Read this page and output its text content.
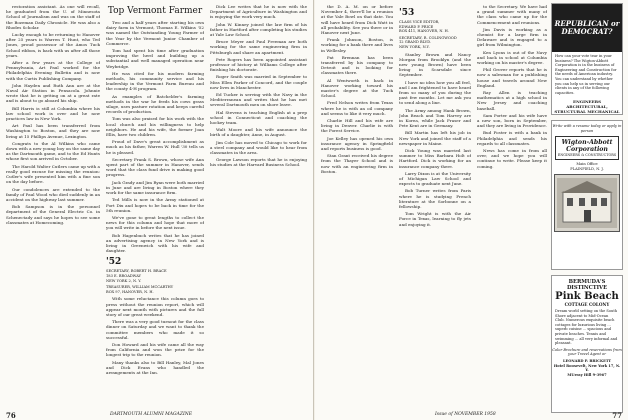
restoration assistant. As one will recall, he graduated from the U. of Minnesota School of Journalism and was on the staff of the Bozeman Daily Chronicle. He was also a Rhodes Scholar.

Lucky enough to be returning to Hanover after 25 years is Warren T. Hunt, who Ted Jones, proud possessor of the Amos Tuck School ribbon, is back with us after all those years.

After a few years at the College of Pennsylvania, Art Paul worked for the Philadelphia Evening Bulletin and is now with the Curtis Publishing Company.

John Hayden and Ruth Ann are at the Naval Air Station in Pensacola. Johnnie wrote that he is getting on at a great rate and is about to go aboard his ship.

Bill Harris is still at Columbia where his law school work is over and he now practices law in New York.

Art Paul has been transferred from Washington to Boston, and they are now living at 15 Phillips Avenue, Lexington.

Congrats to the Al Wilkins who came down with a new young boy on the same day as the Dartmouth game, and to the Ed Hunts whose first son arrived in October.

The Harold Walter Cutlers came up with a really good excuse for missing the reunion: Cutler's wife presented him with a fine son on the day before.

Our condolences are extended to the family of Paul Wood who died suddenly in an accident on the highway last summer.

Bob Sampson is in the personnel department of the General Electric Co. in Schenectady and says he hopes to see some classmates at Homecoming.

Top Vermont Farmer

Two and a half years after starting his own dairy farm in Vermont, Thomas E. Wilkins '52 was named the Outstanding Young Farmer of the Year by the Vermont Junior Chamber of Commerce.

Tom had spent his time after graduation improving the herd and building up a substantial and well managed operation near Weybridge.

He was cited for his modern farming methods, his community service and his leadership in the Vermont Farm Bureau and the county 4-H program.

As examples of Batchelder's farming methods in the war he feeds his cows grass silage, uses pasture rotation and keeps careful records of production.

Tom was also praised for his work with the local church and his willingness to help neighbors. He and his wife, the former Joan Ellis, have two children.

Proud of Dave's great accomplishment as much as his father, Warren W. Hull '30 tells us he is pleased.

Secretary Frank S. Brown, whose wife Ann spent part of the summer in Hanover, sends word that the class fund drive is making good progress.

Jack Grady and Jim Ryan were both married in June and are living in Boston where they work for the same insurance firm.

Ted Mills is now in the Army stationed at Fort Dix and hopes to be back in time for the 5th reunion.

We've gone to great lengths to collect the news for this column and hope that more of you will write in before the next issue.

Bob Hagenbuch writes that he has joined an advertising agency in New York and is living in Greenwich with his wife and daughter.

'52
SECRETARY, ROBERT H. BRACE
183 E. BROADWAY
NEW YORK 2, N. Y.
TREASURER, WILLIAM MCCARTHY
BOX 97, HANOVER, N. H.

With some reluctance this column goes to press without the reunion report, which will appear next month with pictures and the full story of our great weekend.

There was a very good turnout for the class dinner on Saturday and we want to thank the committee members who made it so successful.

Don Howard and his wife came all the way from California and won the prize for the longest trip to the reunion.

Many thanks also to Bill Hanley, Mal Jones and Dick Evans who handled the arrangements at the Inn.

Dick Lee writes that he is now with the Department of Agriculture in Washington and is enjoying the work very much.

John W. Kinney joined the law firm of his father in Hartford after completing his studies at Yale Law School.

Bruce Meyer and Paul Freeman are both working for the same engineering firm in Pittsburgh and share an apartment.

Pete Rogers has been appointed assistant professor of history at Williams College after finishing his doctorate.

Roger Smith was married in September to Miss Ellen Parker of Concord, and the couple now lives in Manchester.

Ed Tucker is serving with the Navy in the Mediterranean and writes that he has met several Dartmouth men on shore leave.

Hal Stevens is teaching English at a prep school in Connecticut and coaching the hockey team.

Walt Moore and his wife announce the birth of a daughter, Anne, in August.

Jim Cole has moved to Chicago to work for a steel company and would like to hear from classmates in the area.

George Lawson reports that he is enjoying his studies at the Harvard Business School.

76	DARTMOUTH ALUMNI MAGAZINE

the D. A. M. on or before November 4, there'll be a reunion at the Yale Bowl on that date. You will have heard from Dick Watt in all probability. See you there or in Hanover next June.

Frank Johnson, Boston, is working for a bank there and lives in Wellesley.

Pat Brennan has been transferred by his company to Detroit and is looking for classmates there.

Al Wentworth is back in Hanover working toward his master's degree at the Tuck School.

Fred Nelson writes from Texas where he is with an oil company and seems to like it very much.

Charlie Hill and his wife are living in Denver. Charlie is with the Forest Service.

Joe Kelley has opened his own insurance agency in Springfield and reports business is good.

Stan Grant received his degree from the Thayer School and is now with an engineering firm in Boston.

'53
CLASS VICE EDITOR,
EDWARD P. PRICE
BOX 411, HANOVER, N. H.
SECRETARY, R. COLINGWOOD
12 GRAND BLVD.
NEW YORK, N.Y.

Stanley Brown and Nancy Morgan from Brooklyn (and the new young Brown) have been living in Scarsdale since September.

I have no idea how you all feel, and I am frightened to have heard from so many of you during the past few months. Let me ask you to send along a line.

The Army among Hank Brown, John Beach and Tom Harvey are in Korea, while Jack Fraser and Pete Kent are in Germany.

Bill Martin has left his job in New York and joined the staff of a newspaper in Maine.

Dick Young was married last summer to Miss Barbara Holt of Hartford. Dick is working for an insurance company there.

Larry Dixon is at the University of Michigan Law School and expects to graduate next June.

Bob Turner writes from Paris where he is studying French literature at the Sorbonne on a fellowship.

Tom Wright is with the Air Force in Texas, learning to fly jets and enjoying it.

to the Secretary. We have had a grand summer with many of the class who came up for the Commencement and reunions.

Jim Davis is working as a chemist for a large firm in Delaware and is engaged to a girl from Wilmington.

Ken Lyons is out of the Navy and back in school at Columbia working on his master's degree.

Phil Grover reports that he is now a salesman for a publishing house and travels around New England.

Ray Allen is teaching mathematics at a high school in New Jersey and coaching baseball.

Sam Porter and his wife have a new son, born in September, and they are living in Providence.

Bud Foster is with a bank in Philadelphia and sends his regards to all classmates.

News has come in from all over, and we hope you will continue to write. Please keep it coming.

REPUBLICAN or DEMOCRAT?
How can your vote tear in your business? The Wigton-Abbott Corporation is in the business of Engineering and Construction for the needs of American industry. You can understand by whether you can help us in serving our clients in any of the following capacities.
ENGINEERS ARCHITECTURAL, STRUCTURAL MECHANICAL
Write with a resume today or apply in person
Wigton-Abbott Corporation
ENGINEERS & CONSTRUCTORS
Main Office
PLAINFIELD, N. J.
BERMUDA'S DISTINCTIVE
Pink Beach
COTTAGE COLONY
Dream world setting on the South Shore adjacent to Mid-Ocean Club. Numerous exquisite beach cottages for luxurious living ... superb cuisine ... spacious and private beaches. Tennis and swimming ... all very informal and pleasant.
Color Brochure and reservations from your Travel Agent or
LEONARD P. BRICKETT
Hotel Roosevelt, New York 17, N. Y.
MUrray Hill 9-3967
Issue of NOVEMBER 1958	77
